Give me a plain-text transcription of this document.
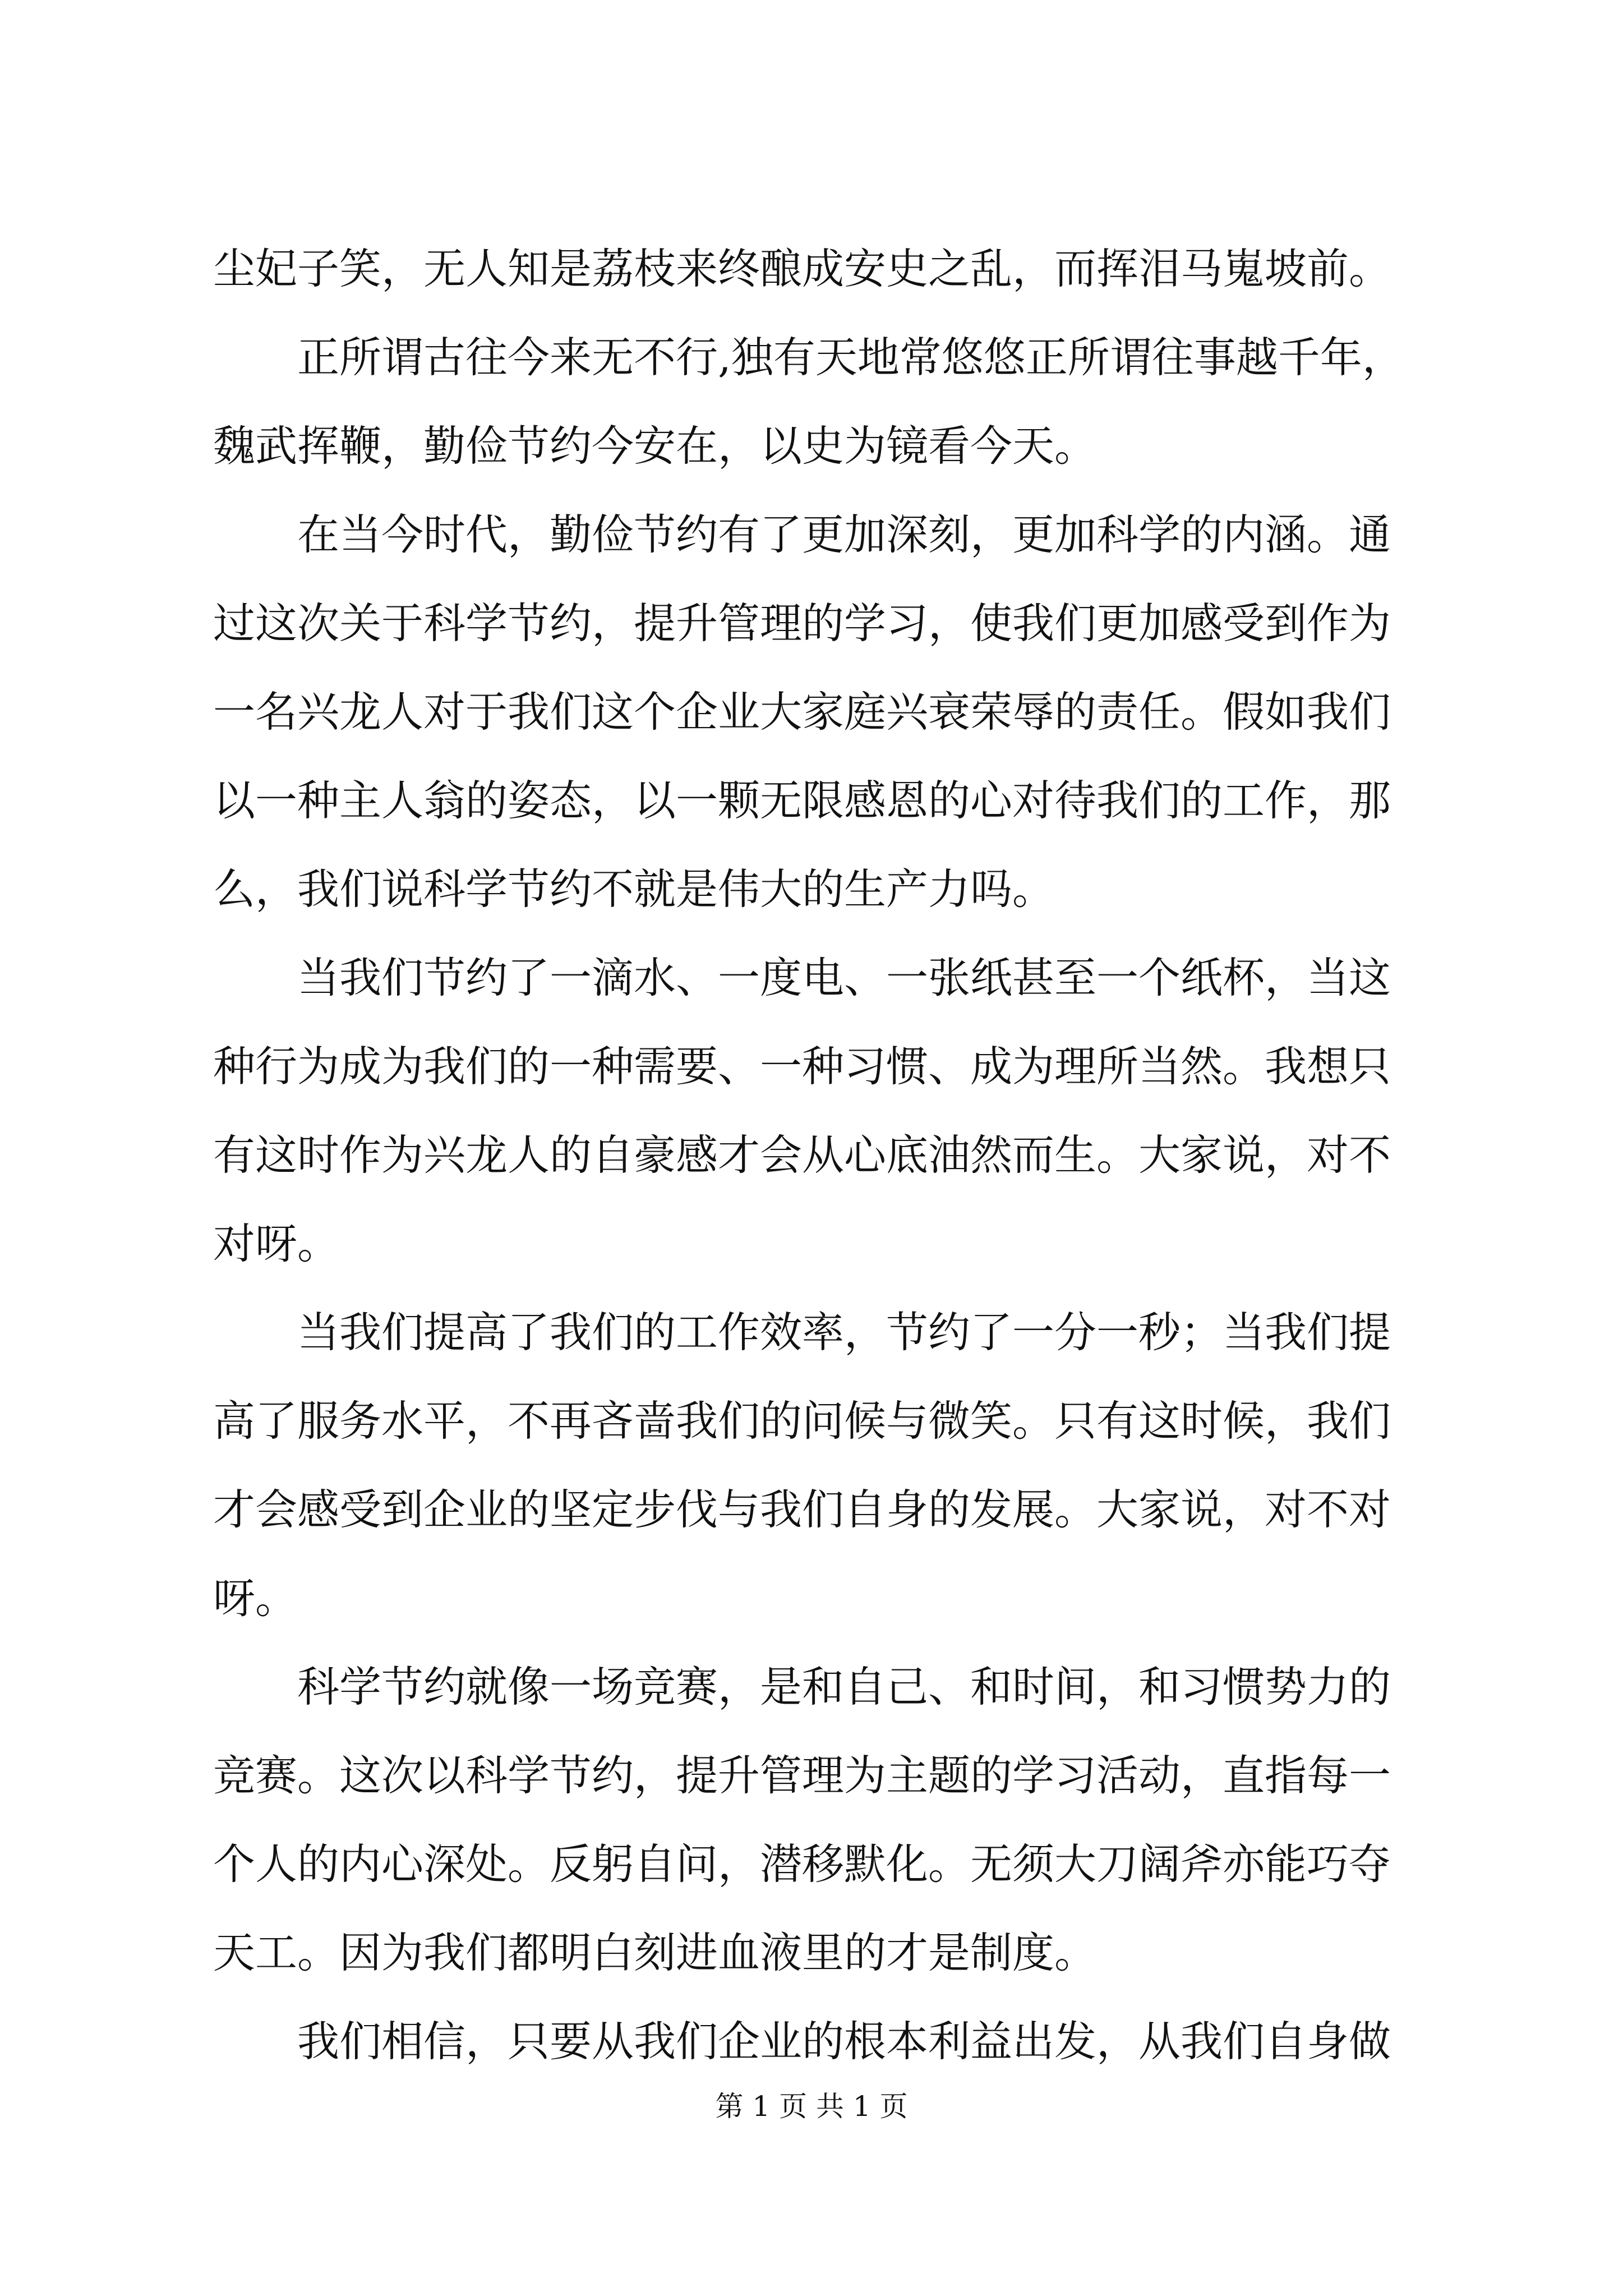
尘妃子笑，无人知是荔枝来终酿成安史之乱，而挥泪马嵬坡前。
正所谓古往今来无不行,独有天地常悠悠正所谓往事越千年，
魏武挥鞭，勤俭节约今安在，以史为镜看今天。
在当今时代，勤俭节约有了更加深刻，更加科学的内涵。通
过这次关于科学节约，提升管理的学习，使我们更加感受到作为
一名兴龙人对于我们这个企业大家庭兴衰荣辱的责任。假如我们
以一种主人翁的姿态，以一颗无限感恩的心对待我们的工作，那
么，我们说科学节约不就是伟大的生产力吗。
当我们节约了一滴水、一度电、一张纸甚至一个纸杯，当这
种行为成为我们的一种需要、一种习惯、成为理所当然。我想只
有这时作为兴龙人的自豪感才会从心底油然而生。大家说，对不
对呀。
当我们提高了我们的工作效率，节约了一分一秒；当我们提
高了服务水平，不再吝啬我们的问候与微笑。只有这时候，我们
才会感受到企业的坚定步伐与我们自身的发展。大家说，对不对
呀。
科学节约就像一场竞赛，是和自己、和时间，和习惯势力的
竞赛。这次以科学节约，提升管理为主题的学习活动，直指每一
个人的内心深处。反躬自问，潜移默化。无须大刀阔斧亦能巧夺
天工。因为我们都明白刻进血液里的才是制度。
我们相信，只要从我们企业的根本利益出发，从我们自身做
第 1 页 共 1 页
